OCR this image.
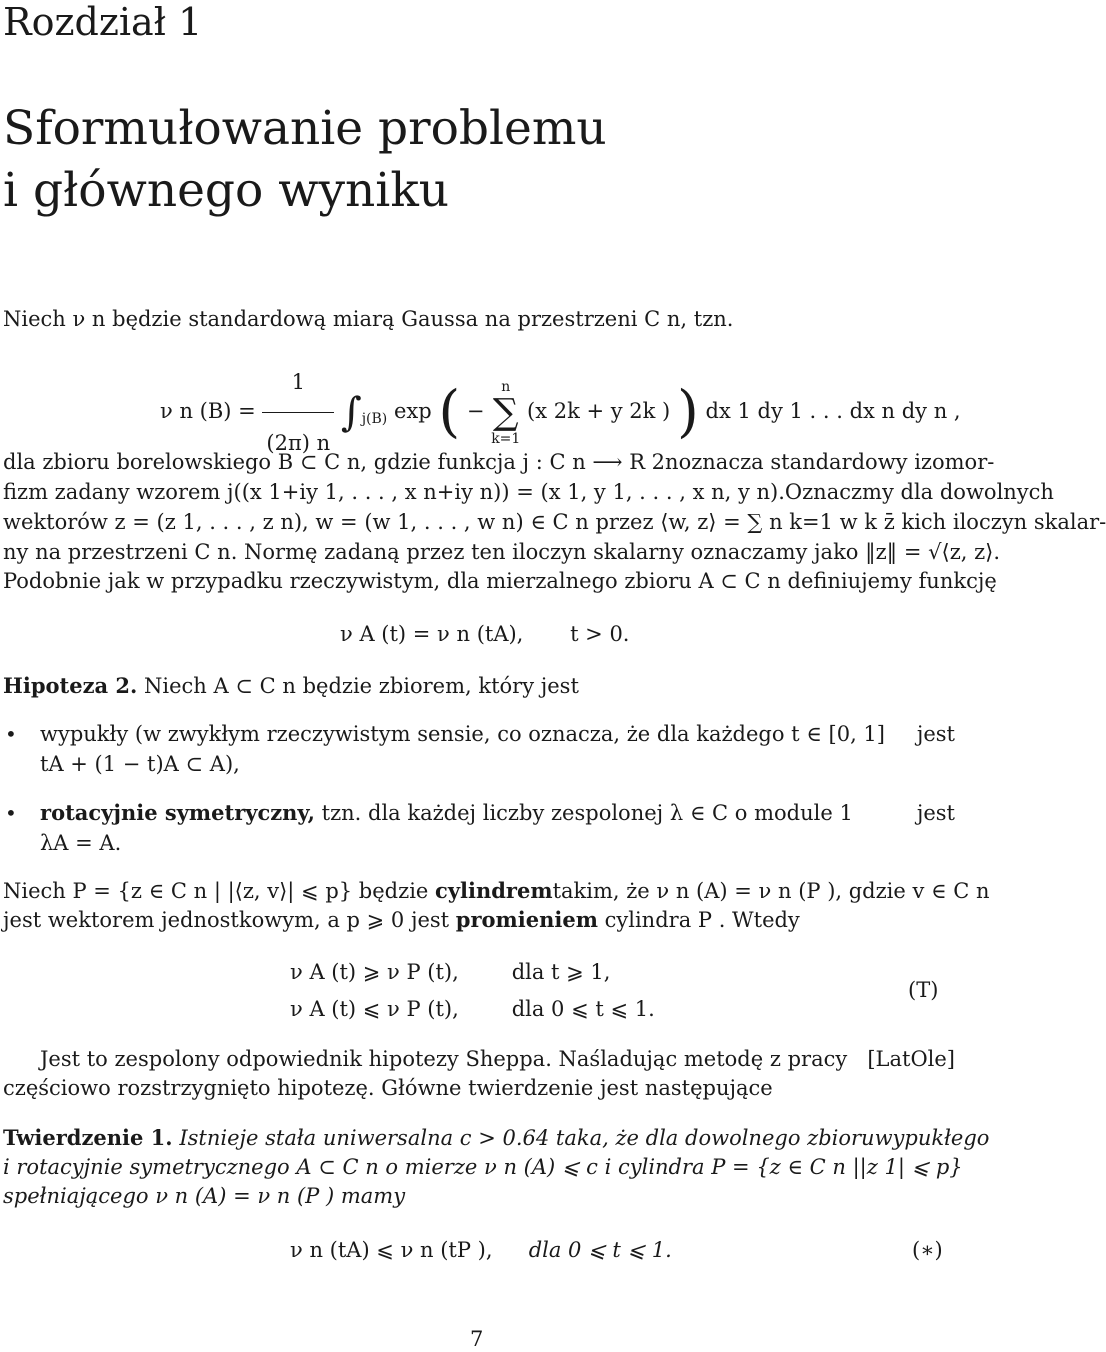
Rozdział 1
Sformułowanie problemu
i głównego wyniku
Niech ν n będzie standardową miarą Gaussa na przestrzeni C n, tzn.
ν n $(B) = \frac{1}{(2\pi) n} \int_{j(B)}$ exp ( −
n
∑
k=1
(x 2k + y 2k ) ) dx 1 dy 1 . . . dx n dy n ,
dla zbioru borelowskiego B ⊂ C n, gdzie funkcja j : C n ⟶ R 2n oznacza standardowy izomor-
fizm zadany wzorem j((x 1+iy 1, . . . , x n+iy n)) = (x 1, y 1, . . . , x n, y n). Oznaczmy dla dowolnych
wektorów z = (z 1, . . . , z n), w = (w 1, . . . , w n) ∈ C n przez ⟨w, z⟩ = ∑ n k=1 w k z̄ k ich iloczyn skalar-
ny na przestrzeni C n. Normę zadaną przez ten iloczyn skalarny oznaczamy jako ‖z‖ = √⟨z, z⟩.
Podobnie jak w przypadku rzeczywistym, dla mierzalnego zbioru A ⊂ C n definiujemy funkcję
ν A (t) = ν n (tA), t > 0.
Hipoteza 2. Niech A ⊂ C n będzie zbiorem, który jest
• wypukły (w zwykłym rzeczywistym sensie, co oznacza, że dla każdego t ∈ [0, 1] jest
tA + (1 − t)A ⊂ A),
• rotacyjnie symetryczny, tzn. dla każdej liczby zespolonej λ ∈ C o module 1	jest
λA = A.
Niech P = {z ∈ C n | |⟨z, v⟩| ⩽ p} będzie cylindrem takim, że ν n (A) = ν n (P ), gdzie v ∈ C n
jest wektorem jednostkowym, a p ⩾ 0 jest promieniem cylindra P . Wtedy
ν A (t) ⩾ ν P (t),	dla t ⩾ 1,
ν A (t) ⩽ ν P (t),	dla 0 ⩽ t ⩽ 1.
(T)
Jest to zespolony odpowiednik hipotezy Sheppa. Naśladując metodę z pracy [LatOle]
częściowo rozstrzygnięto hipotezę. Główne twierdzenie jest następujące
Twierdzenie 1. Istnieje stała uniwersalna c > 0.64 taka, że dla dowolnego zbioru wypukłego
i rotacyjnie symetrycznego A ⊂ C n o mierze ν n (A) ⩽ c i cylindra P = {z ∈ C n | |z 1| ⩽ p}
spełniającego ν n (A) = ν n (P ) mamy
ν n (tA) ⩽ ν n (tP ), dla 0 ⩽ t ⩽ 1.	(∗)
7
